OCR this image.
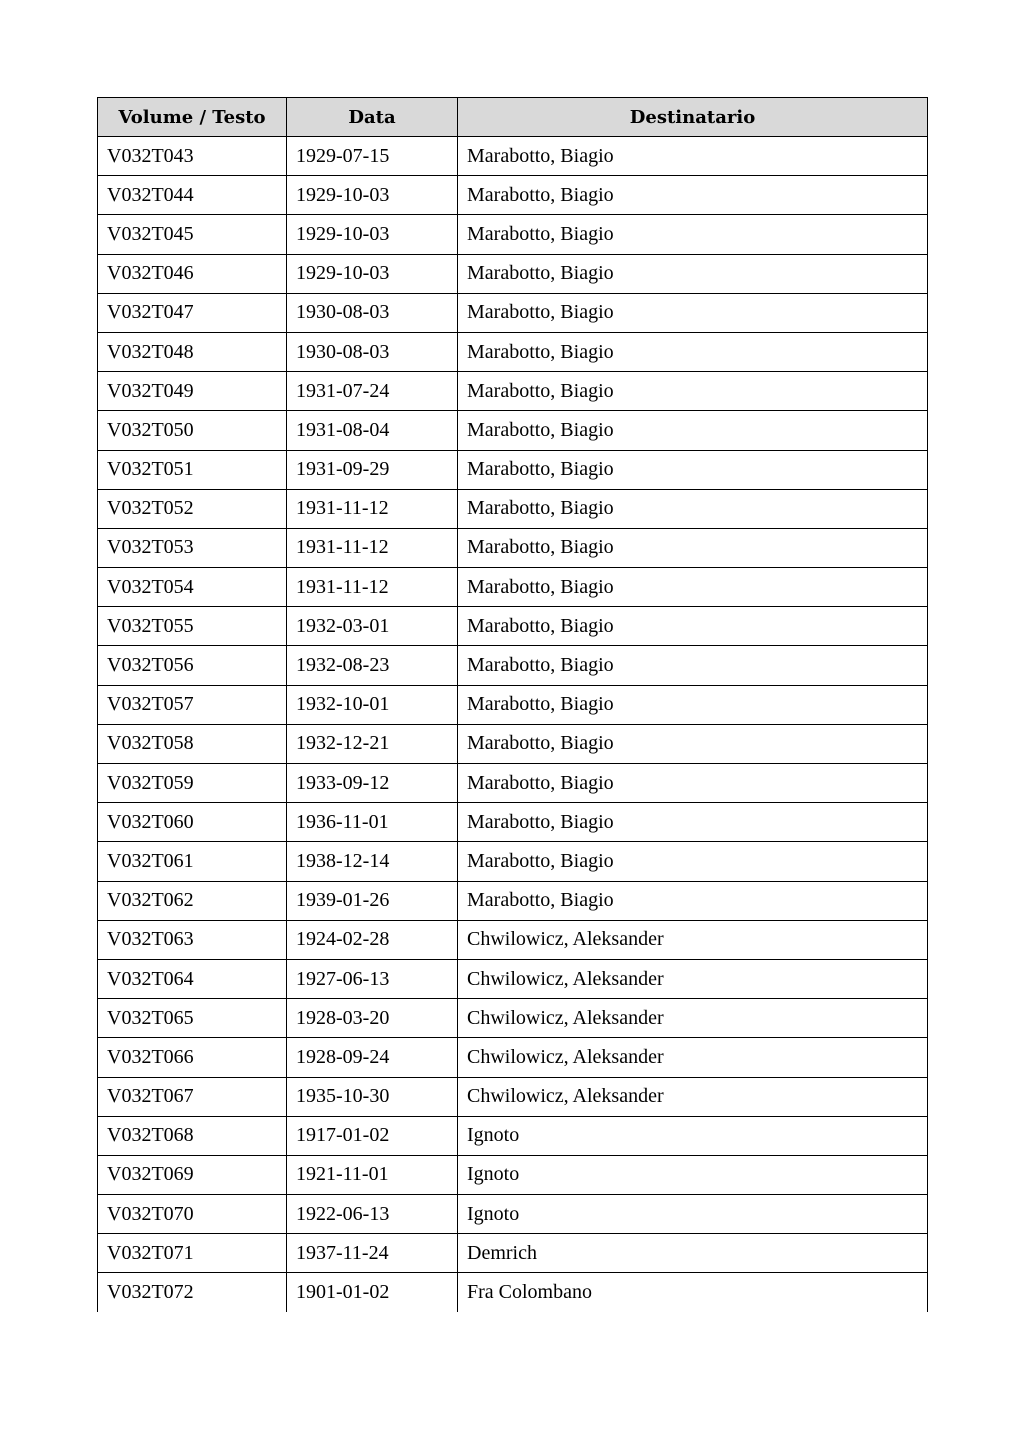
Volume / Testo	Data	Destinatario
V032T043	1929-07-15	Marabotto, Biagio
V032T044	1929-10-03	Marabotto, Biagio
V032T045	1929-10-03	Marabotto, Biagio
V032T046	1929-10-03	Marabotto, Biagio
V032T047	1930-08-03	Marabotto, Biagio
V032T048	1930-08-03	Marabotto, Biagio
V032T049	1931-07-24	Marabotto, Biagio
V032T050	1931-08-04	Marabotto, Biagio
V032T051	1931-09-29	Marabotto, Biagio
V032T052	1931-11-12	Marabotto, Biagio
V032T053	1931-11-12	Marabotto, Biagio
V032T054	1931-11-12	Marabotto, Biagio
V032T055	1932-03-01	Marabotto, Biagio
V032T056	1932-08-23	Marabotto, Biagio
V032T057	1932-10-01	Marabotto, Biagio
V032T058	1932-12-21	Marabotto, Biagio
V032T059	1933-09-12	Marabotto, Biagio
V032T060	1936-11-01	Marabotto, Biagio
V032T061	1938-12-14	Marabotto, Biagio
V032T062	1939-01-26	Marabotto, Biagio
V032T063	1924-02-28	Chwilowicz, Aleksander
V032T064	1927-06-13	Chwilowicz, Aleksander
V032T065	1928-03-20	Chwilowicz, Aleksander
V032T066	1928-09-24	Chwilowicz, Aleksander
V032T067	1935-10-30	Chwilowicz, Aleksander
V032T068	1917-01-02	Ignoto
V032T069	1921-11-01	Ignoto
V032T070	1922-06-13	Ignoto
V032T071	1937-11-24	Demrich
V032T072	1901-01-02	Fra Colombano
